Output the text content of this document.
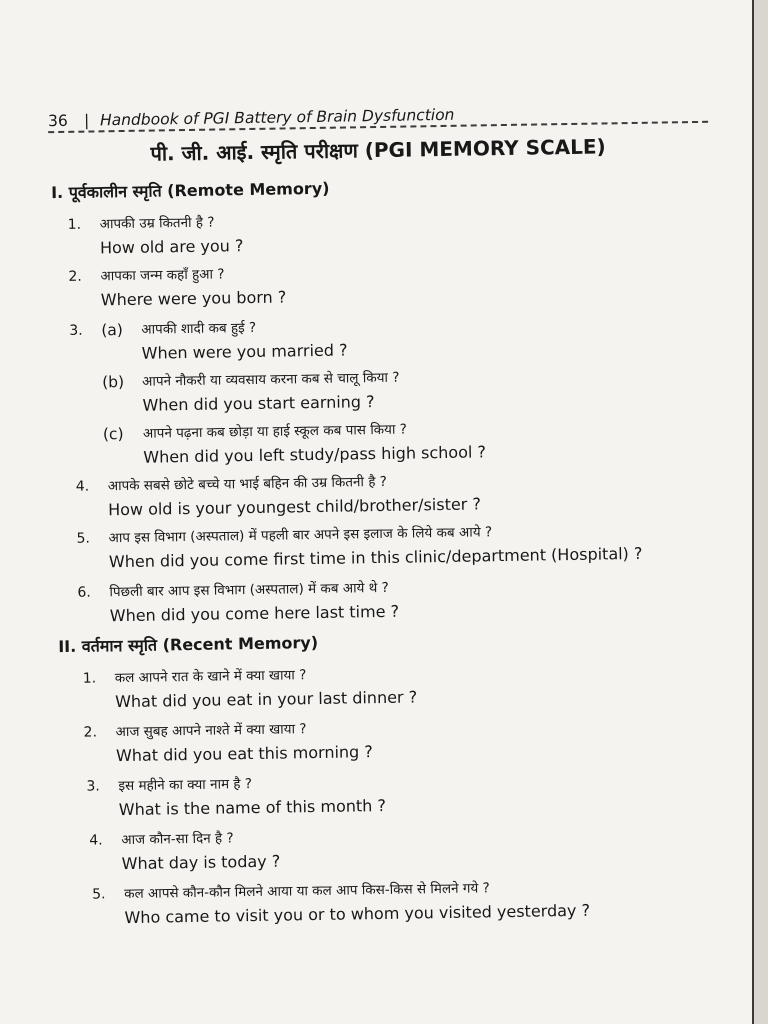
36 | Handbook of PGI Battery of Brain Dysfunction
पी. जी. आई. स्मृति परीक्षण (PGI MEMORY SCALE)
I. पूर्वकालीन स्मृति (Remote Memory)
1.	आपकी उम्र कितनी है ?
How old are you ?
2.	आपका जन्म कहाँ हुआ ?
Where were you born ?
3.	(a) आपकी शादी कब हुई ?
When were you married ?
(b) आपने नौकरी या व्यवसाय करना कब से चालू किया ?
When did you start earning ?
(c) आपने पढ़ना कब छोड़ा या हाई स्कूल कब पास किया ?
When did you left study/pass high school ?
4.	आपके सबसे छोटे बच्चे या भाई बहिन की उम्र कितनी है ?
How old is your youngest child/brother/sister ?
5.	आप इस विभाग (अस्पताल) में पहली बार अपने इस इलाज के लिये कब आये ?
When did you come first time in this clinic/department (Hospital) ?
6.	पिछली बार आप इस विभाग (अस्पताल) में कब आये थे ?
When did you come here last time ?
II. वर्तमान स्मृति (Recent Memory)
1.	कल आपने रात के खाने में क्या खाया ?
What did you eat in your last dinner ?
2.	आज सुबह आपने नाश्ते में क्या खाया ?
What did you eat this morning ?
3.	इस महीने का क्या नाम है ?
What is the name of this month ?
4.	आज कौन-सा दिन है ?
What day is today ?
5.	कल आपसे कौन-कौन मिलने आया या कल आप किस-किस से मिलने गये ?
Who came to visit you or to whom you visited yesterday ?
